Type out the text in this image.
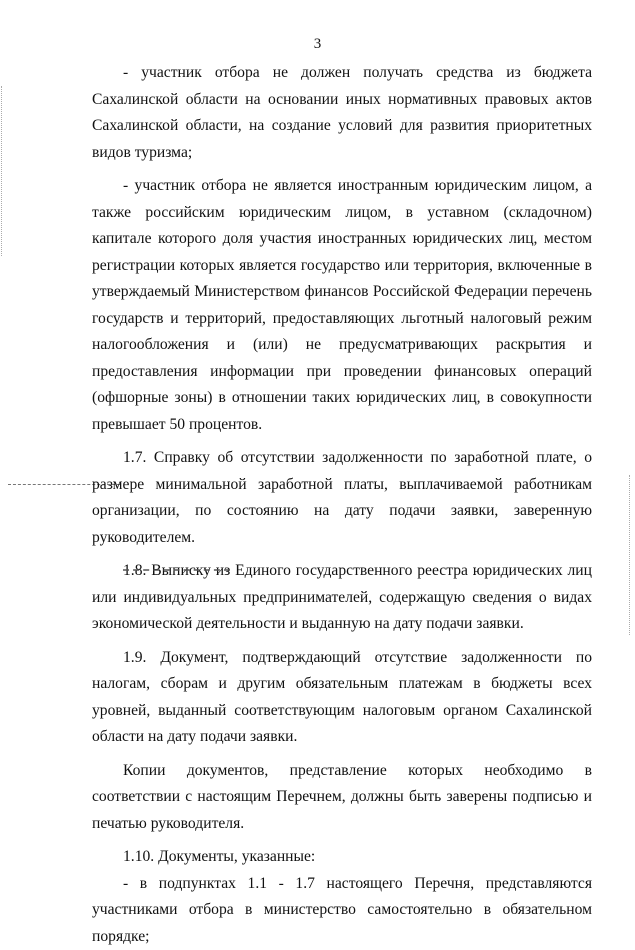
3

- участник отбора не должен получать средства из бюджета Сахалинской области на основании иных нормативных правовых актов Сахалинской области, на создание условий для развития приоритетных видов туризма;

- участник отбора не является иностранным юридическим лицом, а также российским юридическим лицом, в уставном (складочном) капитале которого доля участия иностранных юридических лиц, местом регистрации которых является государство или территория, включенные в утверждаемый Министерством финансов Российской Федерации перечень государств и территорий, предоставляющих льготный налоговый режим налогообложения и (или) не предусматривающих раскрытия и предоставления информации при проведении финансовых операций (офшорные зоны) в отношении таких юридических лиц, в совокупности превышает 50 процентов.

1.7. Справку об отсутствии задолженности по заработной плате, о размере минимальной заработной платы, выплачиваемой работникам организации, по состоянию на дату подачи заявки, заверенную руководителем.

1.8. Выписку из Единого государственного реестра юридических лиц или индивидуальных предпринимателей, содержащую сведения о видах экономической деятельности и выданную на дату подачи заявки.

1.9. Документ, подтверждающий отсутствие задолженности по налогам, сборам и другим обязательным платежам в бюджеты всех уровней, выданный соответствующим налоговым органом Сахалинской области на дату подачи заявки.

Копии документов, представление которых необходимо в соответствии с настоящим Перечнем, должны быть заверены подписью и печатью руководителя.

1.10. Документы, указанные:

- в подпунктах 1.1 - 1.7 настоящего Перечня, представляются участниками отбора в министерство самостоятельно в обязательном порядке;
